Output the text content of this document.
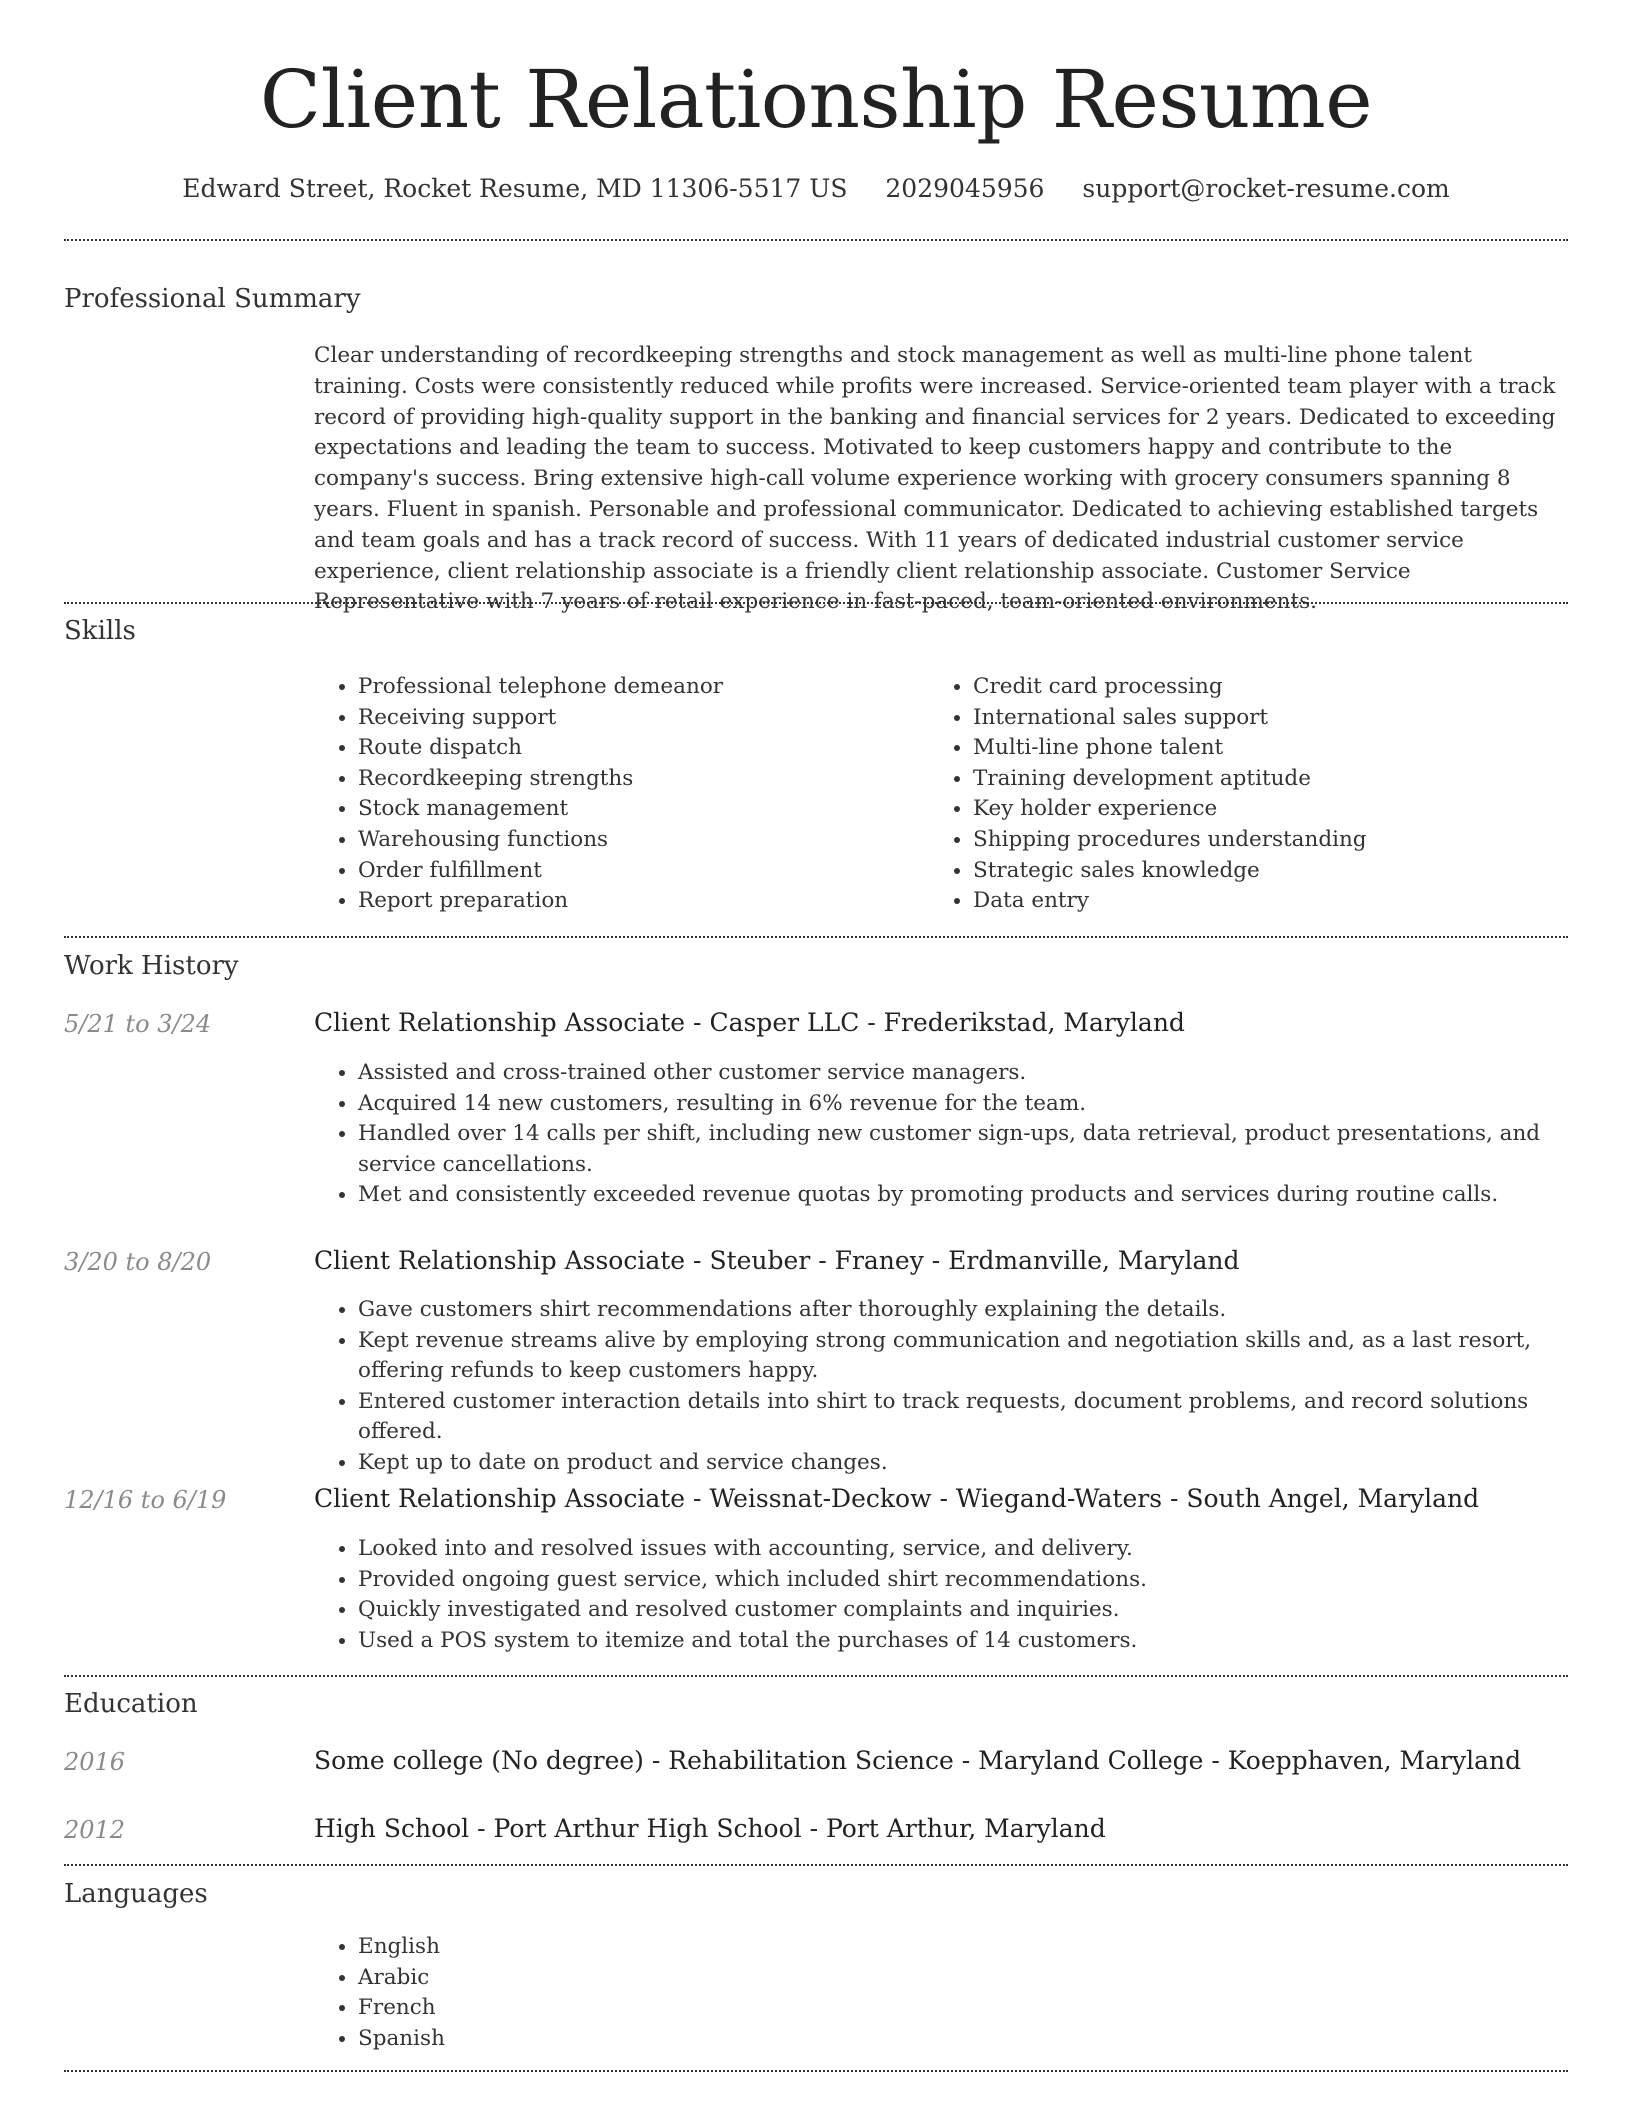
Client Relationship Resume
Edward Street, Rocket Resume, MD 11306-5517 US 2029045956 support@rocket-resume.com
Professional Summary
Clear understanding of recordkeeping strengths and stock management as well as multi-line phone talent training. Costs were consistently reduced while profits were increased. Service-oriented team player with a track record of providing high-quality support in the banking and financial services for 2 years. Dedicated to exceeding expectations and leading the team to success. Motivated to keep customers happy and contribute to the company's success. Bring extensive high-call volume experience working with grocery consumers spanning 8 years. Fluent in spanish. Personable and professional communicator. Dedicated to achieving established targets and team goals and has a track record of success. With 11 years of dedicated industrial customer service experience, client relationship associate is a friendly client relationship associate. Customer Service Representative with 7 years of retail experience in fast-paced, team-oriented environments.
Skills
• Professional telephone demeanor
• Receiving support
• Route dispatch
• Recordkeeping strengths
• Stock management
• Warehousing functions
• Order fulfillment
• Report preparation
• Credit card processing
• International sales support
• Multi-line phone talent
• Training development aptitude
• Key holder experience
• Shipping procedures understanding
• Strategic sales knowledge
• Data entry
Work History
5/21 to 3/24	Client Relationship Associate - Casper LLC - Frederikstad, Maryland
• Assisted and cross-trained other customer service managers.
• Acquired 14 new customers, resulting in 6% revenue for the team.
• Handled over 14 calls per shift, including new customer sign-ups, data retrieval, product presentations, and service cancellations.
• Met and consistently exceeded revenue quotas by promoting products and services during routine calls.
3/20 to 8/20	Client Relationship Associate - Steuber - Franey - Erdmanville, Maryland
• Gave customers shirt recommendations after thoroughly explaining the details.
• Kept revenue streams alive by employing strong communication and negotiation skills and, as a last resort, offering refunds to keep customers happy.
• Entered customer interaction details into shirt to track requests, document problems, and record solutions offered.
• Kept up to date on product and service changes.
12/16 to 6/19	Client Relationship Associate - Weissnat-Deckow - Wiegand-Waters - South Angel, Maryland
• Looked into and resolved issues with accounting, service, and delivery.
• Provided ongoing guest service, which included shirt recommendations.
• Quickly investigated and resolved customer complaints and inquiries.
• Used a POS system to itemize and total the purchases of 14 customers.
Education
2016	Some college (No degree) - Rehabilitation Science - Maryland College - Koepphaven, Maryland
2012	High School - Port Arthur High School - Port Arthur, Maryland
Languages
• English
• Arabic
• French
• Spanish
